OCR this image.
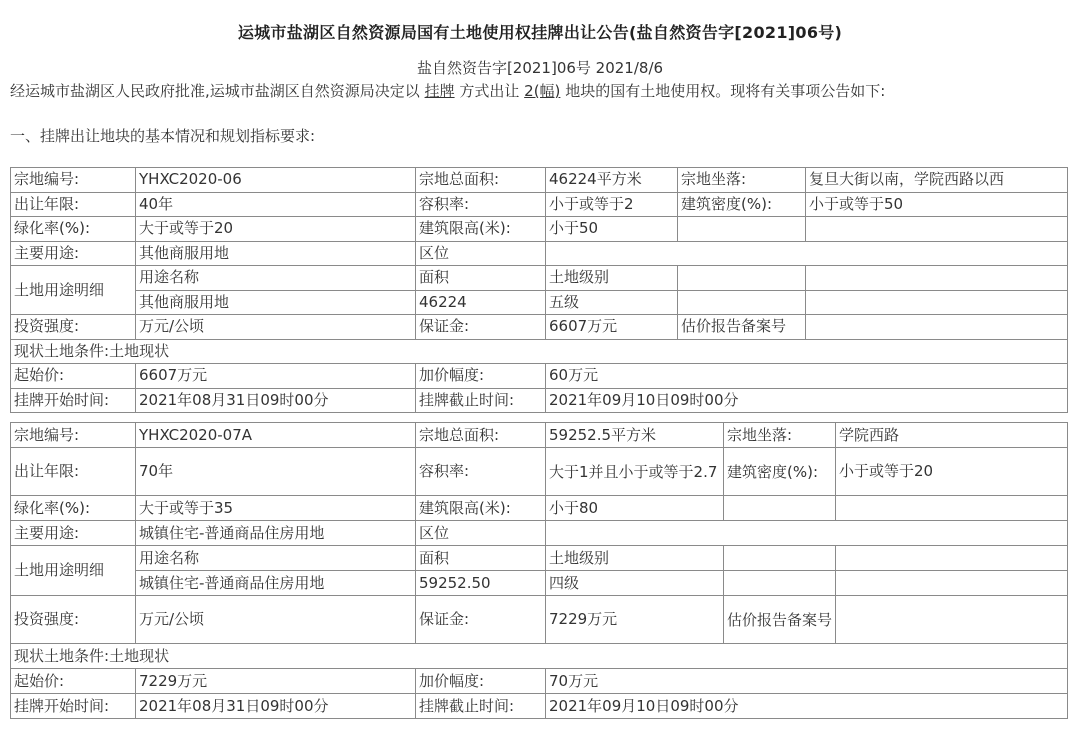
运城市盐湖区自然资源局国有土地使用权挂牌出让公告(盐自然资告字[2021]06号)
盐自然资告字[2021]06号 2021/8/6
经运城市盐湖区人民政府批准,运城市盐湖区自然资源局决定以 挂牌 方式出让 2(幅) 地块的国有土地使用权。现将有关事项公告如下:
一、挂牌出让地块的基本情况和规划指标要求:
宗地编号:	YHXC2020-06	宗地总面积:	46224平方米	宗地坐落:	复旦大街以南，学院西路以西
出让年限:	40年	容积率:	小于或等于2	建筑密度(%):	小于或等于50
绿化率(%):	大于或等于20	建筑限高(米):	小于50		
主要用途:	其他商服用地	区位			
土地用途明细	用途名称	面积	土地级别		
	其他商服用地	46224	五级		
投资强度:	万元/公顷	保证金:	6607万元	估价报告备案号	
现状土地条件:土地现状					
起始价:	6607万元	加价幅度:	60万元		
挂牌开始时间:	2021年08月31日09时00分	挂牌截止时间:	2021年09月10日09时00分		
宗地编号:	YHXC2020-07A	宗地总面积:	59252.5平方米	宗地坐落:	学院西路
出让年限:	70年	容积率:	大于1并且小于或等于2.7	建筑密度(%):	小于或等于20
绿化率(%):	大于或等于35	建筑限高(米):	小于80		
主要用途:	城镇住宅-普通商品住房用地	区位			
土地用途明细	用途名称	面积	土地级别		
	城镇住宅-普通商品住房用地	59252.50	四级		
投资强度:	万元/公顷	保证金:	7229万元	估价报告备案号	
现状土地条件:土地现状					
起始价:	7229万元	加价幅度:	70万元		
挂牌开始时间:	2021年08月31日09时00分	挂牌截止时间:	2021年09月10日09时00分		
